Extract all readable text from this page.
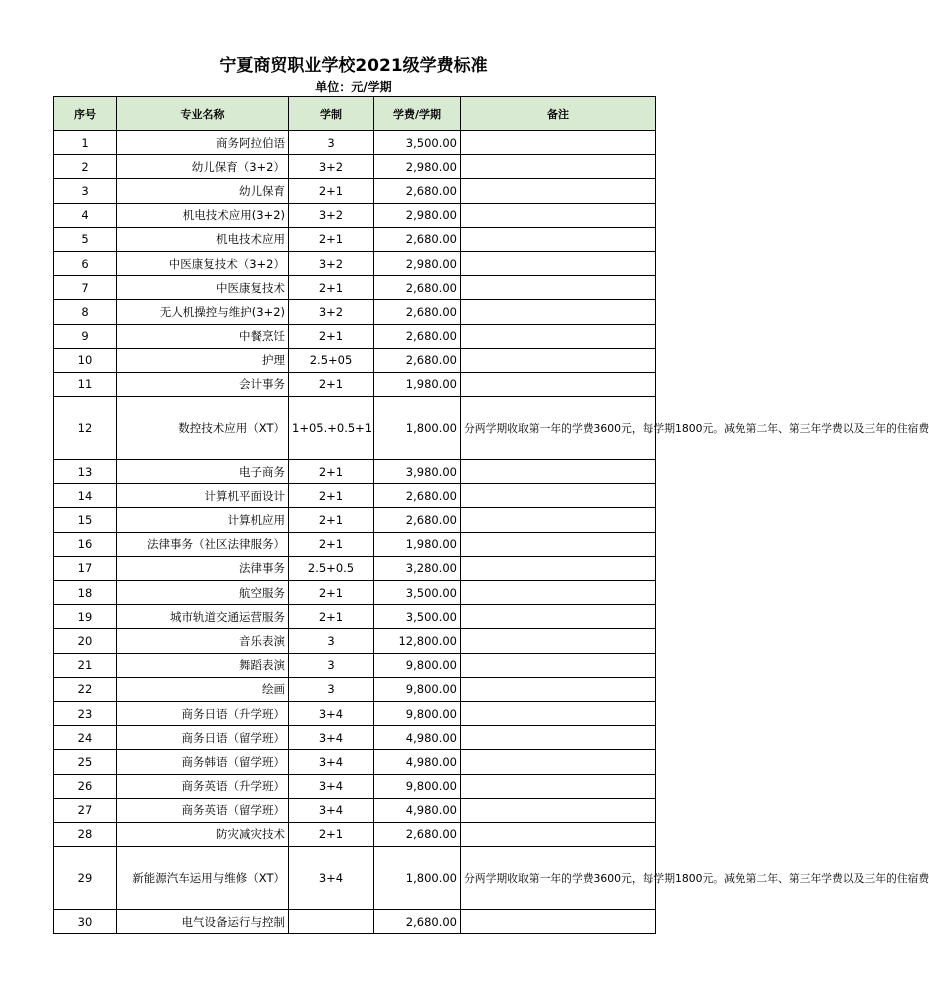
宁夏商贸职业学校2021级学费标准
单位：元/学期
序号	专业名称	学制	学费/学期	备注
1	商务阿拉伯语	3	3,500.00	
2	幼儿保育（3+2）	3+2	2,980.00	
3	幼儿保育	2+1	2,680.00	
4	机电技术应用(3+2)	3+2	2,980.00	
5	机电技术应用	2+1	2,680.00	
6	中医康复技术（3+2）	3+2	2,980.00	
7	中医康复技术	2+1	2,680.00	
8	无人机操控与维护(3+2)	3+2	2,680.00	
9	中餐烹饪	2+1	2,680.00	
10	护理	2.5+05	2,680.00	
11	会计事务	2+1	1,980.00	
12	数控技术应用（XT）	1+05.+0.5+1	1,800.00	分两学期收取第一年的学费3600元，每学期1800元。减免第二年、第三年学费以及三年的住宿费
13	电子商务	2+1	3,980.00	
14	计算机平面设计	2+1	2,680.00	
15	计算机应用	2+1	2,680.00	
16	法律事务（社区法律服务）	2+1	1,980.00	
17	法律事务	2.5+0.5	3,280.00	
18	航空服务	2+1	3,500.00	
19	城市轨道交通运营服务	2+1	3,500.00	
20	音乐表演	3	12,800.00	
21	舞蹈表演	3	9,800.00	
22	绘画	3	9,800.00	
23	商务日语（升学班）	3+4	9,800.00	
24	商务日语（留学班）	3+4	4,980.00	
25	商务韩语（留学班）	3+4	4,980.00	
26	商务英语（升学班）	3+4	9,800.00	
27	商务英语（留学班）	3+4	4,980.00	
28	防灾减灾技术	2+1	2,680.00	
29	新能源汽车运用与维修（XT）	3+4	1,800.00	分两学期收取第一年的学费3600元，每学期1800元。减免第二年、第三年学费以及三年的住宿费
30	电气设备运行与控制		2,680.00	
